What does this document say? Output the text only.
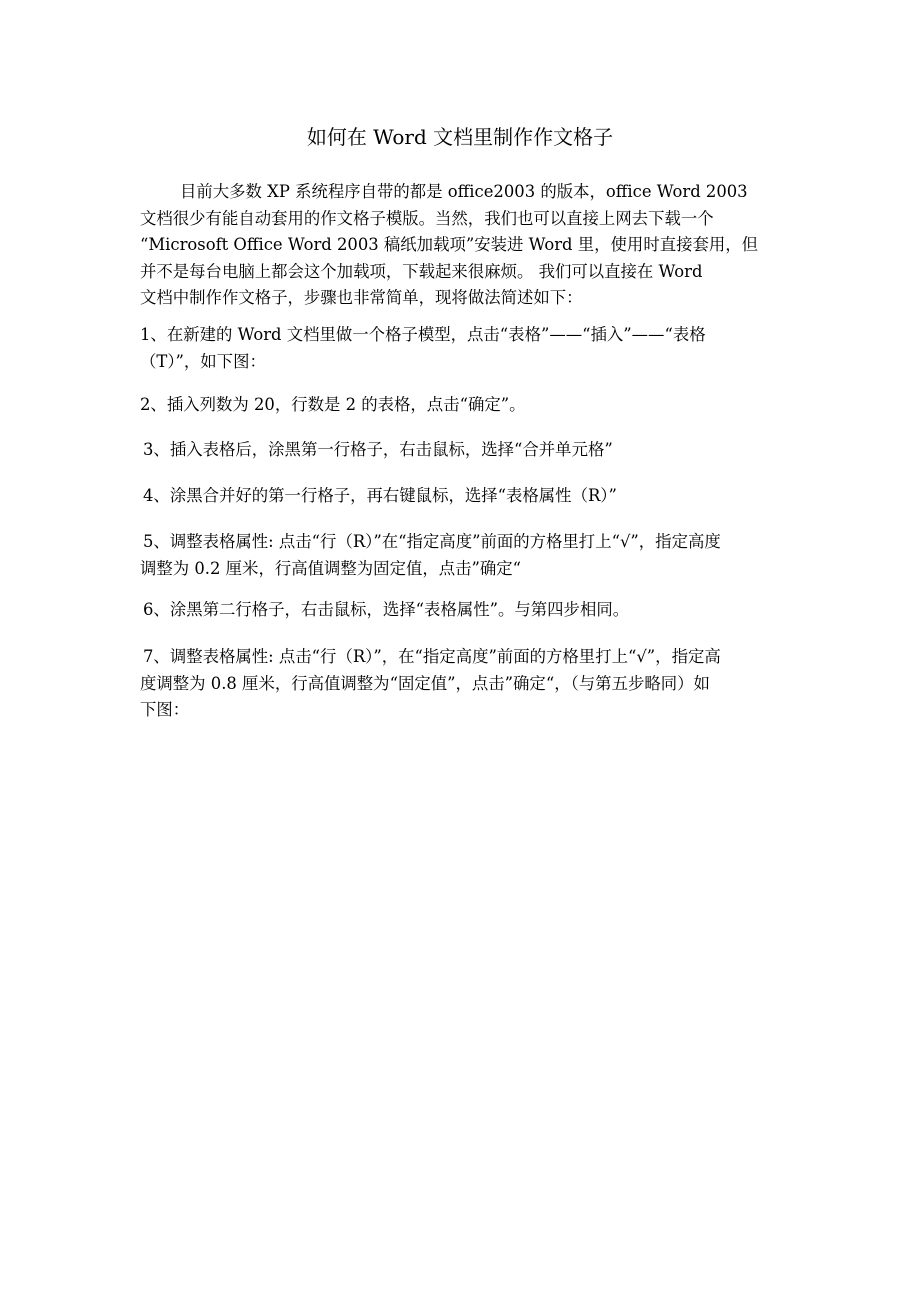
如何在 Word 文档里制作作文格子
目前大多数 XP 系统程序自带的都是 office2003 的版本，office Word 2003
文档很少有能自动套用的作文格子模版。当然，我们也可以直接上网去下载一个
“Microsoft Office Word 2003 稿纸加载项”安装进 Word 里，使用时直接套用，但
并不是每台电脑上都会这个加载项，下载起来很麻烦。 我们可以直接在 Word
文档中制作作文格子，步骤也非常简单，现将做法简述如下：
1、在新建的 Word 文档里做一个格子模型，点击“表格”——“插入”——“表格
（T）”，如下图：
2、插入列数为 20，行数是 2 的表格，点击“确定”。
3、插入表格后，涂黑第一行格子，右击鼠标，选择“合并单元格”
4、涂黑合并好的第一行格子，再右键鼠标，选择“表格属性（R）”
5、调整表格属性: 点击“行（R）”在“指定高度”前面的方格里打上“√”，指定高度
调整为 0.2 厘米，行高值调整为固定值，点击”确定“
6、涂黑第二行格子，右击鼠标，选择“表格属性”。与第四步相同。
7、调整表格属性: 点击“行（R）”，在“指定高度”前面的方格里打上“√”，指定高
度调整为 0.8 厘米，行高值调整为“固定值”，点击”确定“，（与第五步略同）如
下图：
